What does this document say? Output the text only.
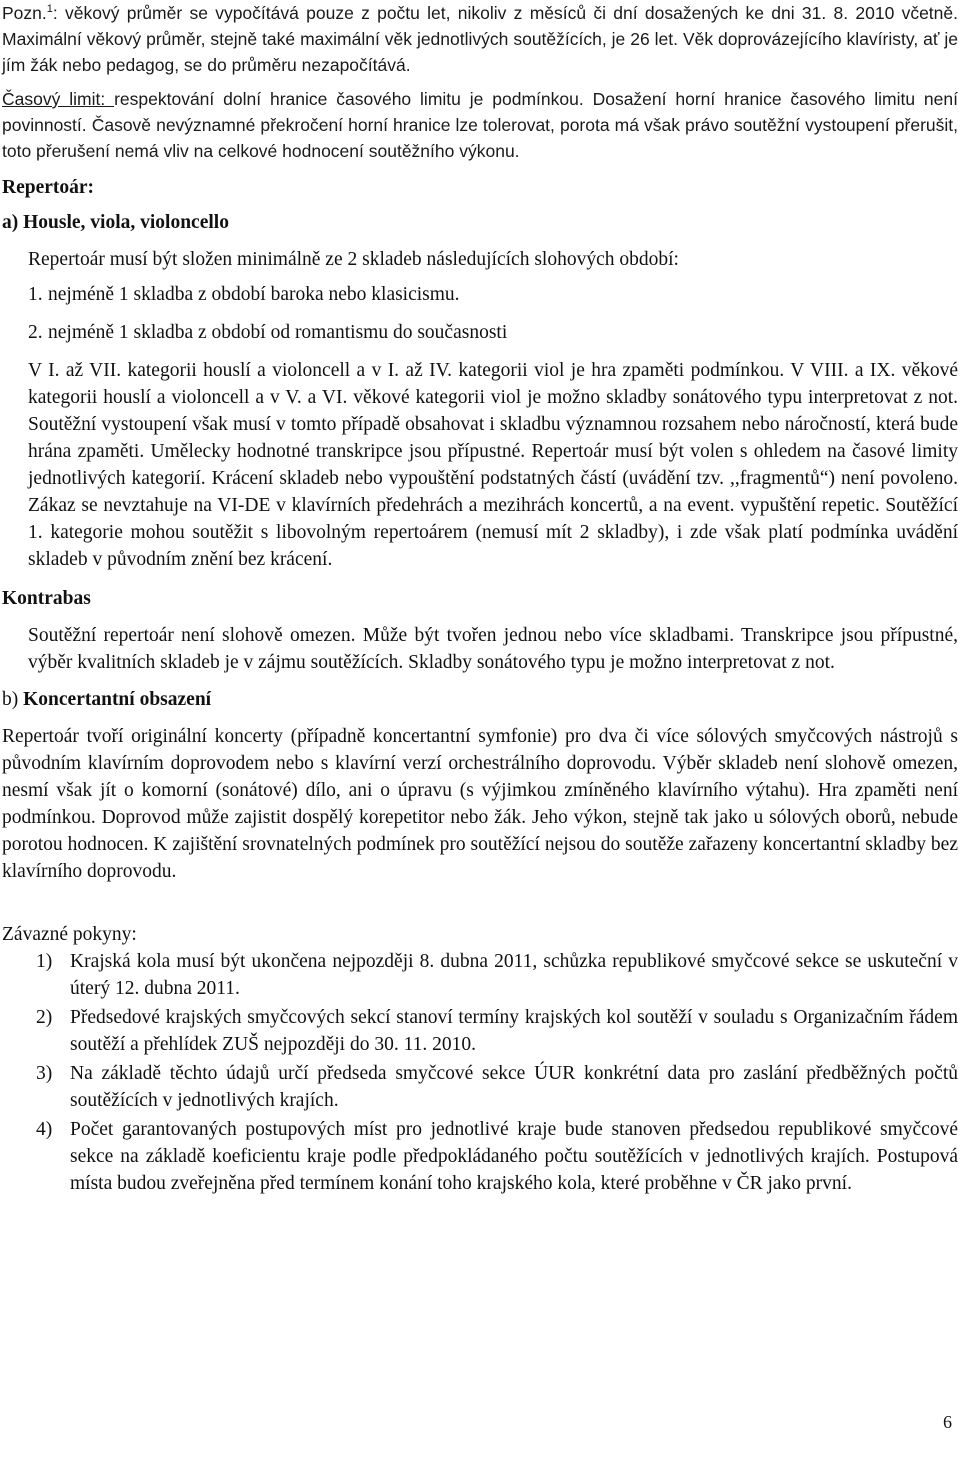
Pozn.$^1$: věkový průměr se vypočítává pouze z počtu let, nikoliv z měsíců či dní dosažených ke dni 31. 8. 2010 včetně. Maximální věkový průměr, stejně také maximální věk jednotlivých soutěžících, je 26 let. Věk doprovázejícího klavíristy, ať je jím žák nebo pedagog, se do průměru nezapočítává.

Časový limit: respektování dolní hranice časového limitu je podmínkou. Dosažení horní hranice časového limitu není povinností. Časově nevýznamné překročení horní hranice lze tolerovat, porota má však právo soutěžní vystoupení přerušit, toto přerušení nemá vliv na celkové hodnocení soutěžního výkonu.

Repertoár:

a) Housle, viola, violoncello

Repertoár musí být složen minimálně ze 2 skladeb následujících slohových období:

1. nejméně 1 skladba z období baroka nebo klasicismu.
2. nejméně 1 skladba z období od romantismu do současnosti

V I. až VII. kategorii houslí a violoncell a v I. až IV. kategorii viol je hra zpaměti podmínkou. V VIII. a IX. věkové kategorii houslí a violoncell a v V. a VI. věkové kategorii viol je možno skladby sonátového typu interpretovat z not. Soutěžní vystoupení však musí v tomto případě obsahovat i skladbu významnou rozsahem nebo náročností, která bude hrána zpaměti. Umělecky hodnotné transkripce jsou přípustné. Repertoár musí být volen s ohledem na časové limity jednotlivých kategorií. Krácení skladeb nebo vypouštění podstatných částí (uvádění tzv. ,,fragmentů“) není povoleno. Zákaz se nevztahuje na VI-DE v klavírních předehrách a mezihrách koncertů, a na event. vypuštění repetic. Soutěžící 1. kategorie mohou soutěžit s libovolným repertoárem (nemusí mít 2 skladby), i zde však platí podmínka uvádění skladeb v původním znění bez krácení.

Kontrabas

Soutěžní repertoár není slohově omezen. Může být tvořen jednou nebo více skladbami. Transkripce jsou přípustné, výběr kvalitních skladeb je v zájmu soutěžících. Skladby sonátového typu je možno interpretovat z not.

b) Koncertantní obsazení

Repertoár tvoří originální koncerty (případně koncertantní symfonie) pro dva či více sólových smyčcových nástrojů s původním klavírním doprovodem nebo s klavírní verzí orchestrálního doprovodu. Výběr skladeb není slohově omezen, nesmí však jít o komorní (sonátové) dílo, ani o úpravu (s výjimkou zmíněného klavírního výtahu). Hra zpaměti není podmínkou. Doprovod může zajistit dospělý korepetitor nebo žák. Jeho výkon, stejně tak jako u sólových oborů, nebude porotou hodnocen. K zajištění srovnatelných podmínek pro soutěžící nejsou do soutěže zařazeny koncertantní skladby bez klavírního doprovodu.

Závazné pokyny:

1) Krajská kola musí být ukončena nejpozději 8. dubna 2011, schůzka republikové smyčcové sekce se uskuteční v úterý 12. dubna 2011.
2) Předsedové krajských smyčcových sekcí stanoví termíny krajských kol soutěží v souladu s Organizačním řádem soutěží a přehlídek ZUŠ nejpozději do 30. 11. 2010.
3) Na základě těchto údajů určí předseda smyčcové sekce ÚUR konkrétní data pro zaslání předběžných počtů soutěžících v jednotlivých krajích.
4) Počet garantovaných postupových míst pro jednotlivé kraje bude stanoven předsedou republikové smyčcové sekce na základě koeficientu kraje podle předpokládaného počtu soutěžících v jednotlivých krajích. Postupová místa budou zveřejněna před termínem konání toho krajského kola, které proběhne v ČR jako první.
6
